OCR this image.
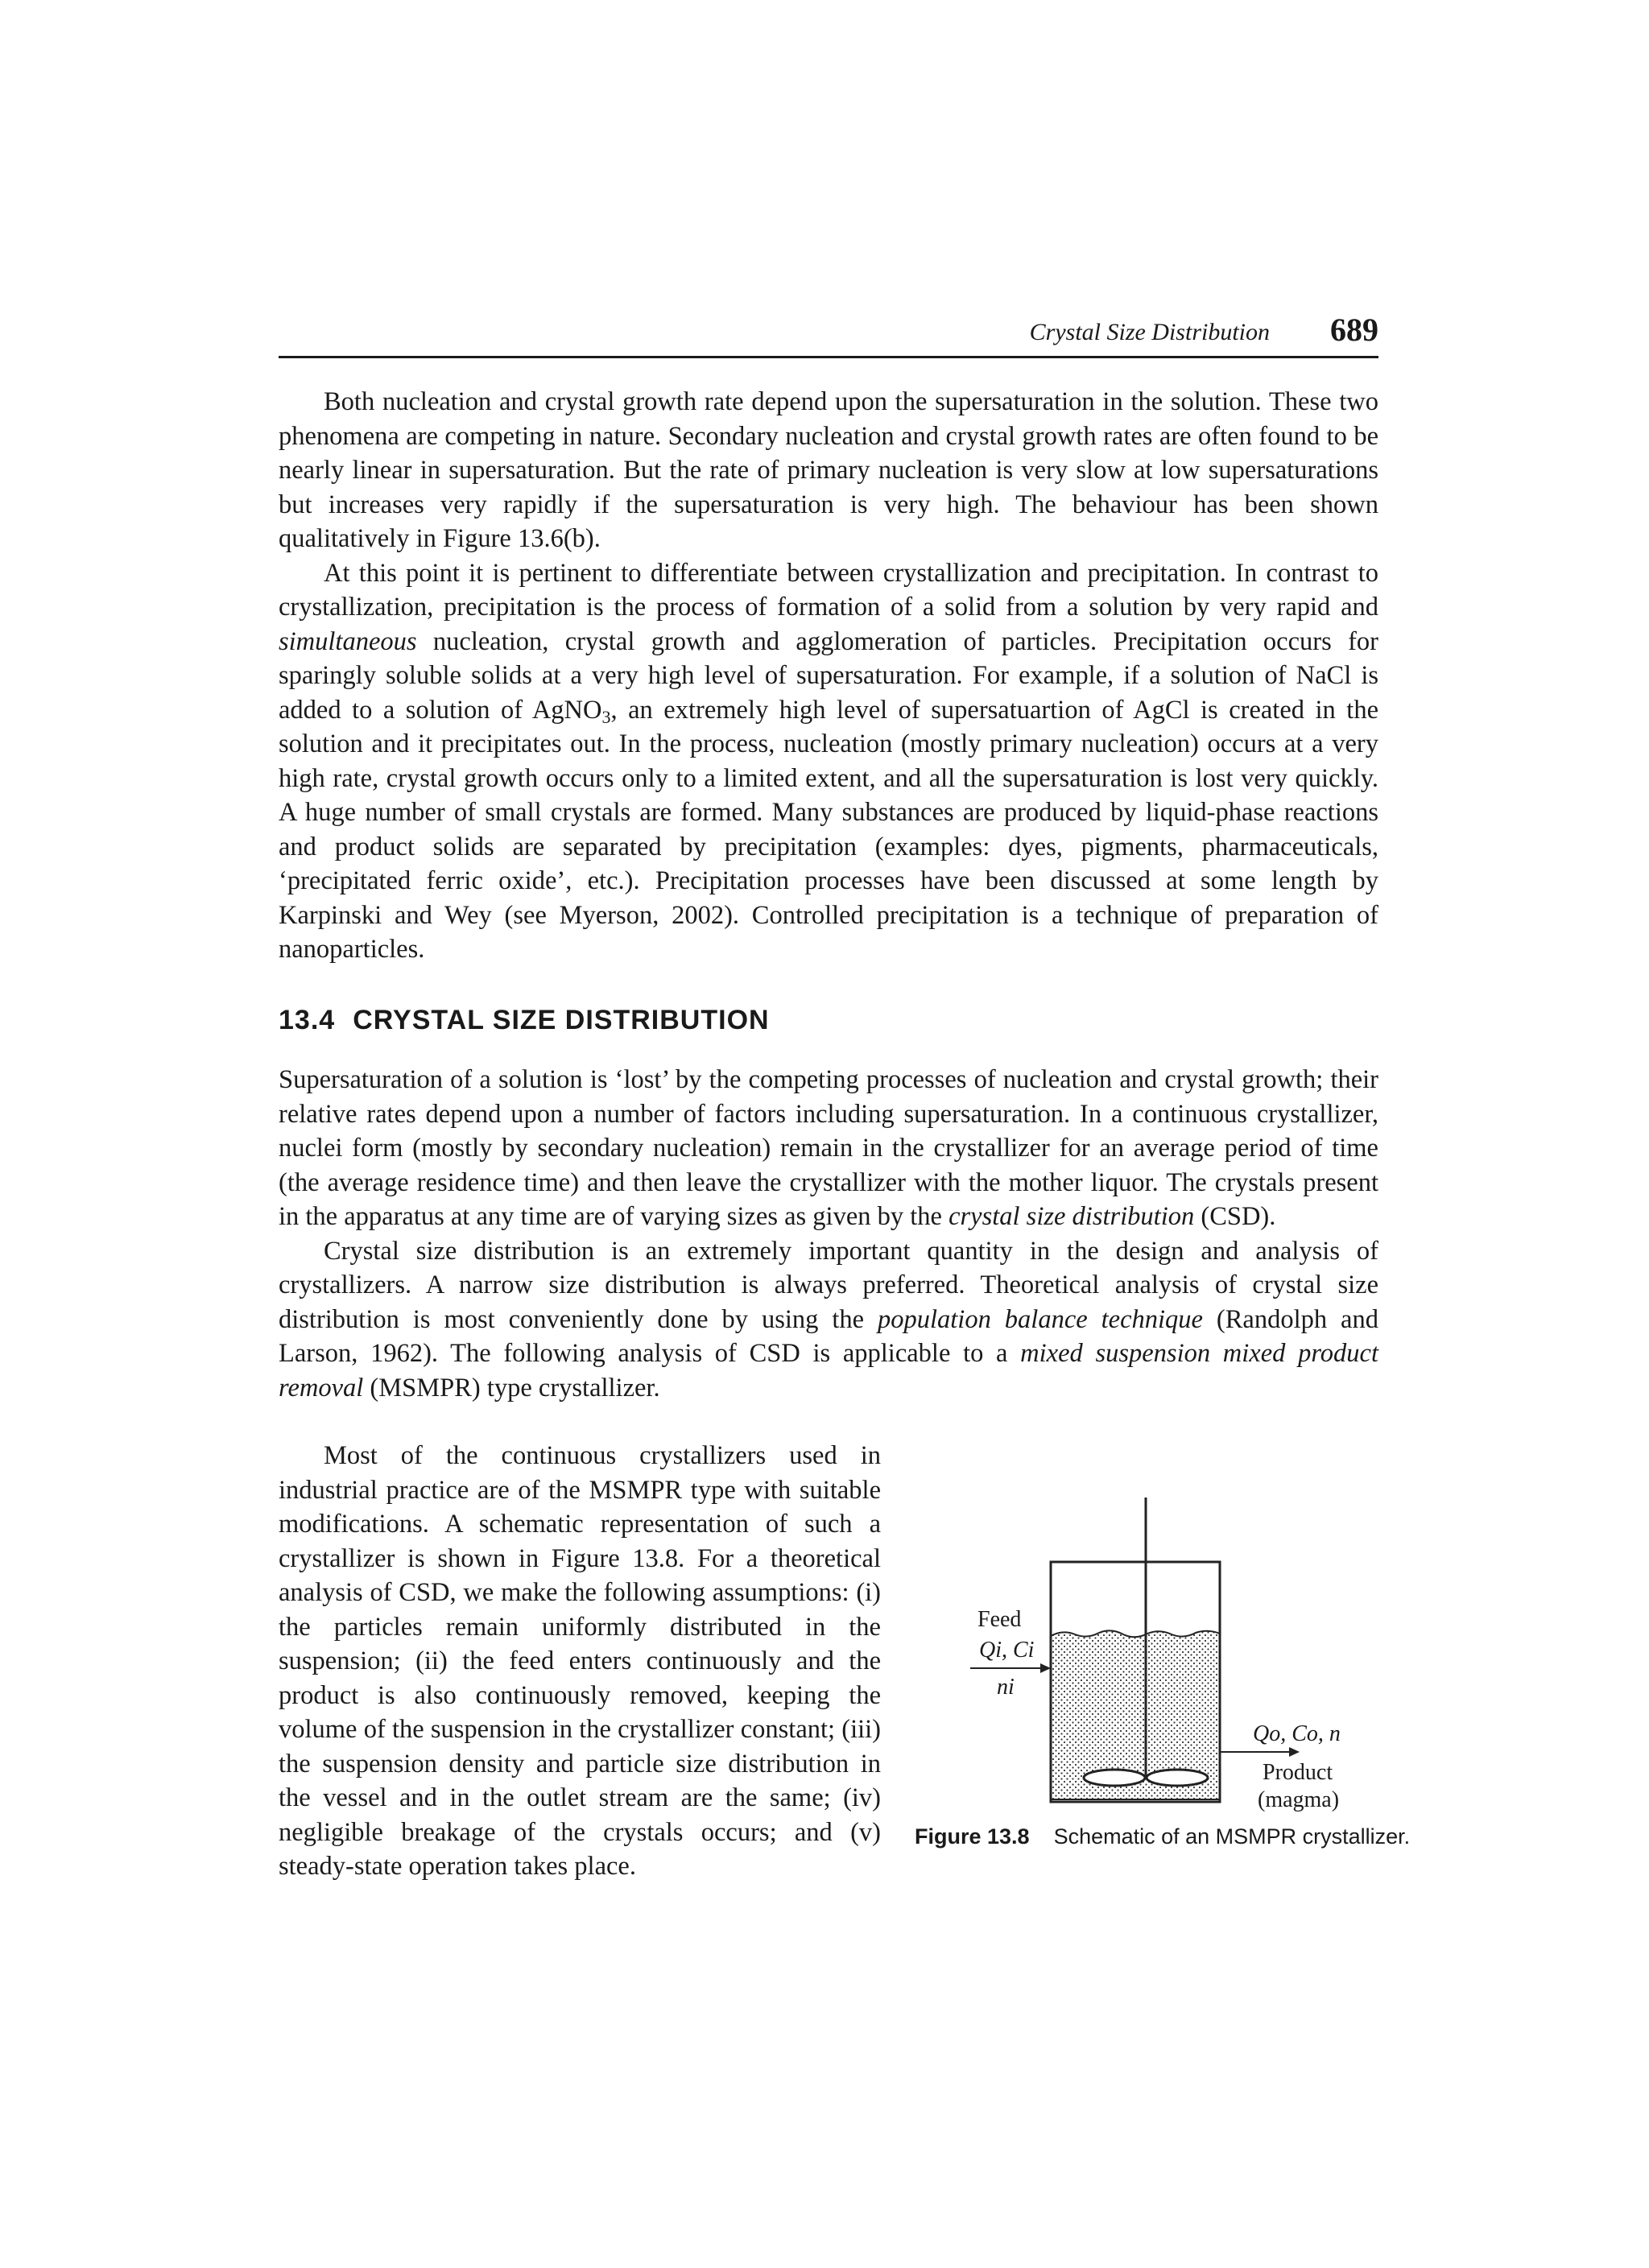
Crystal Size Distribution 689

Both nucleation and crystal growth rate depend upon the supersaturation in the solution. These two phenomena are competing in nature. Secondary nucleation and crystal growth rates are often found to be nearly linear in supersaturation. But the rate of primary nucleation is very slow at low supersaturations but increases very rapidly if the supersaturation is very high. The behaviour has been shown qualitatively in Figure 13.6(b).

At this point it is pertinent to differentiate between crystallization and precipitation. In contrast to crystallization, precipitation is the process of formation of a solid from a solution by very rapid and simultaneous nucleation, crystal growth and agglomeration of particles. Precipitation occurs for sparingly soluble solids at a very high level of supersaturation. For example, if a solution of NaCl is added to a solution of AgNO$_3$, an extremely high level of supersatuartion of AgCl is created in the solution and it precipitates out. In the process, nucleation (mostly primary nucleation) occurs at a very high rate, crystal growth occurs only to a limited extent, and all the supersaturation is lost very quickly. A huge number of small crystals are formed. Many substances are produced by liquid-phase reactions and product solids are separated by precipitation (examples: dyes, pigments, pharmaceuticals, ‘precipitated ferric oxide’, etc.). Precipitation processes have been discussed at some length by Karpinski and Wey (see Myerson, 2002). Controlled precipitation is a technique of preparation of nanoparticles.

13.4 CRYSTAL SIZE DISTRIBUTION

Supersaturation of a solution is ‘lost’ by the competing processes of nucleation and crystal growth; their relative rates depend upon a number of factors including supersaturation. In a continuous crystallizer, nuclei form (mostly by secondary nucleation) remain in the crystallizer for an average period of time (the average residence time) and then leave the crystallizer with the mother liquor. The crystals present in the apparatus at any time are of varying sizes as given by the crystal size distribution (CSD).

Crystal size distribution is an extremely important quantity in the design and analysis of crystallizers. A narrow size distribution is always preferred. Theoretical analysis of crystal size distribution is most conveniently done by using the population balance technique (Randolph and Larson, 1962). The following analysis of CSD is applicable to a mixed suspension mixed product removal (MSMPR) type crystallizer.

Most of the continuous crystallizers used in industrial practice are of the MSMPR type with suitable modifications. A schematic representation of such a crystallizer is shown in Figure 13.8. For a theoretical analysis of CSD, we make the following assumptions: (i) the particles remain uniformly distributed in the suspension; (ii) the feed enters continuously and the product is also continuously removed, keeping the volume of the suspension in the crystallizer constant; (iii) the suspension density and particle size distribution in the vessel and in the outlet stream are the same; (iv) negligible breakage of the crystals occurs; and (v) steady-state operation takes place.

Feed
Qi, Ci
ni
Qo, Co, n
Product
(magma)
Figure 13.8 Schematic of an MSMPR crystallizer.
